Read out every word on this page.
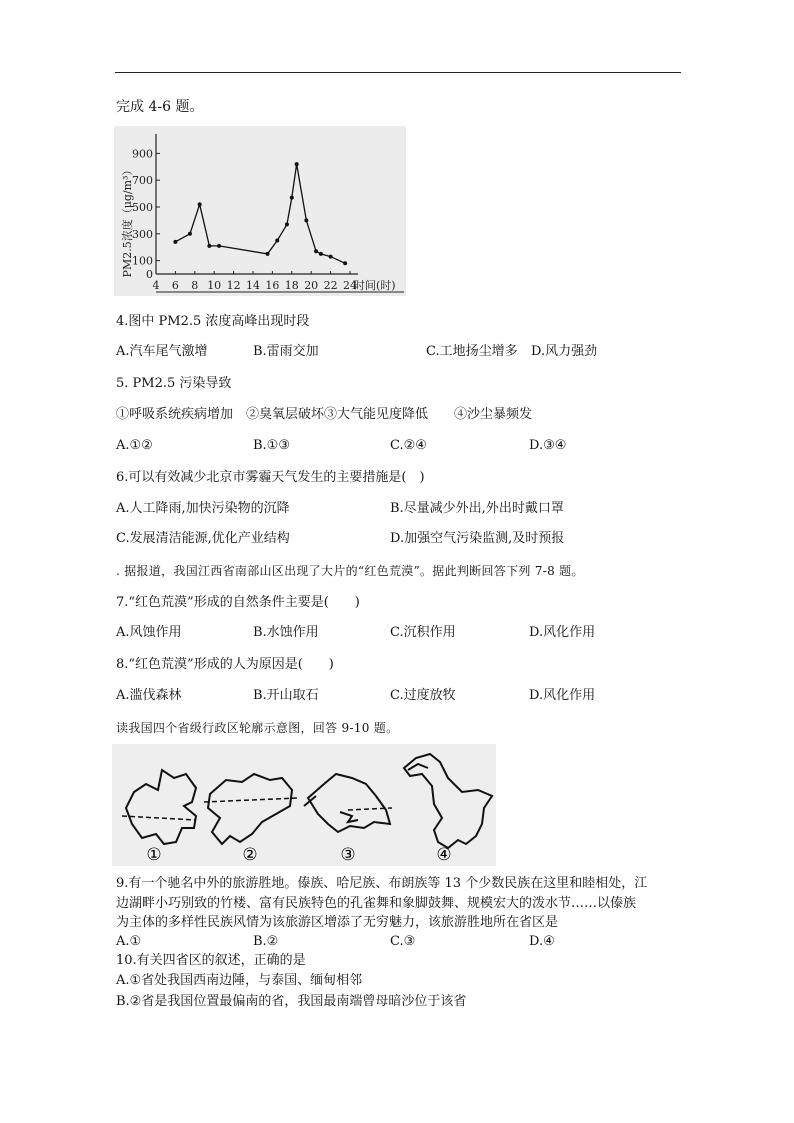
完成 4-6 题。
4 6 8 10 12 14 16 18 20 22 24
0
100
300
500
700
900
PM2.5浓度（μg/m³）
时间(时)
4.图中 PM2.5 浓度高峰出现时段
A.汽车尾气激增	B.雷雨交加	C.工地扬尘增多 D.风力强劲
5. PM2.5 污染导致
①呼吸系统疾病增加　②臭氧层破坏③大气能见度降低　　④沙尘暴频发
A.①②	B.①③	C.②④	D.③④
6.可以有效减少北京市雾霾天气发生的主要措施是(　)
A.人工降雨,加快污染物的沉降	B.尽量减少外出,外出时戴口罩
C.发展清洁能源,优化产业结构	D.加强空气污染监测,及时预报
. 据报道，我国江西省南部山区出现了大片的“红色荒漠”。据此判断回答下列 7-8 题。
7.“红色荒漠”形成的自然条件主要是(　　)
A.风蚀作用	B.水蚀作用	C.沉积作用	D.风化作用
8.“红色荒漠”形成的人为原因是(　　)
A.滥伐森林	B.开山取石	C.过度放牧	D.风化作用
读我国四个省级行政区轮廓示意图，回答 9-10 题。
①	②	③	④
9.有一个驰名中外的旅游胜地。傣族、哈尼族、布朗族等 13 个少数民族在这里和睦相处，江
边湖畔小巧别致的竹楼、富有民族特色的孔雀舞和象脚鼓舞、规模宏大的泼水节……以傣族
为主体的多样性民族风情为该旅游区增添了无穷魅力，该旅游胜地所在省区是
A.①	B.②	C.③	D.④
10.有关四省区的叙述，正确的是
A.①省处我国西南边陲，与泰国、缅甸相邻
B.②省是我国位置最偏南的省，我国最南端曾母暗沙位于该省
